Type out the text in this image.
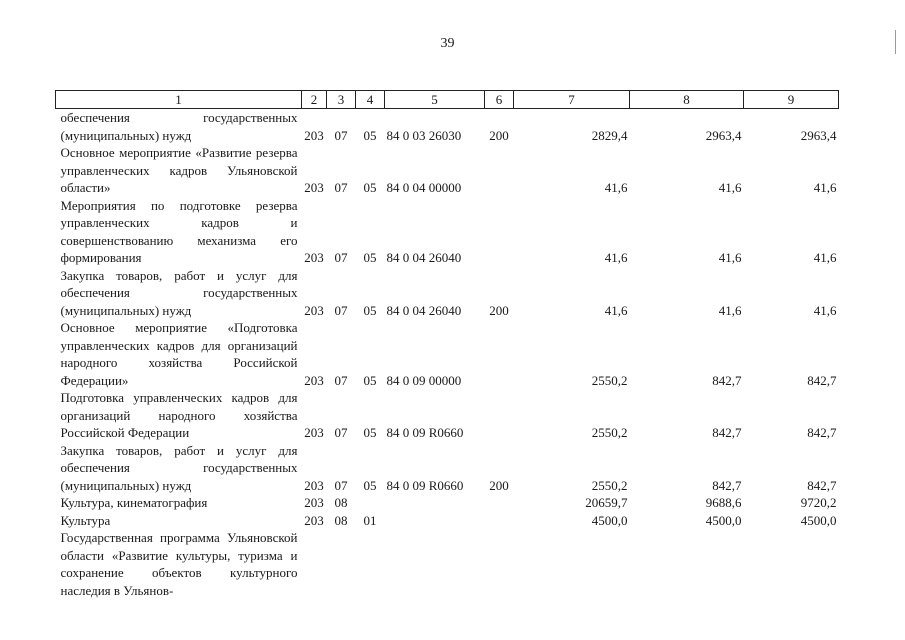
39
1	2	3	4	5	6	7	8	9
обеспечения государственных (муниципальных) нужд	203	07	05	84 0 03 26030	200	2829,4	2963,4	2963,4
Основное мероприятие «Развитие резерва управленческих кадров Ульяновской области»	203	07	05	84 0 04 00000		41,6	41,6	41,6
Мероприятия по подготовке резерва управленческих кадров и совершенствованию механизма его формирования	203	07	05	84 0 04 26040		41,6	41,6	41,6
Закупка товаров, работ и услуг для обеспечения государственных (муниципальных) нужд	203	07	05	84 0 04 26040	200	41,6	41,6	41,6
Основное мероприятие «Подготовка управленческих кадров для организаций народного хозяйства Российской Федерации»	203	07	05	84 0 09 00000		2550,2	842,7	842,7
Подготовка управленческих кадров для организаций народного хозяйства Российской Федерации	203	07	05	84 0 09 R0660		2550,2	842,7	842,7
Закупка товаров, работ и услуг для обеспечения государственных (муниципальных) нужд	203	07	05	84 0 09 R0660	200	2550,2	842,7	842,7
Культура, кинематография	203	08				20659,7	9688,6	9720,2
Культура	203	08	01			4500,0	4500,0	4500,0
Государственная программа Ульяновской области «Развитие культуры, туризма и сохранение объектов культурного наследия в Ульянов-								
